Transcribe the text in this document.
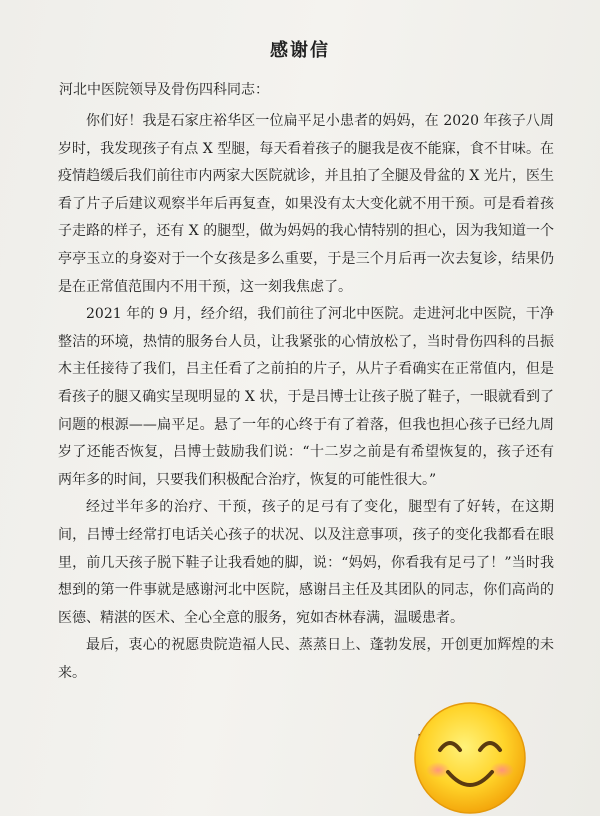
感谢信
河北中医院领导及骨伤四科同志：

你们好！我是石家庄裕华区一位扁平足小患者的妈妈，在 2020 年孩子八周岁时，我发现孩子有点 X 型腿，每天看着孩子的腿我是夜不能寐，食不甘味。在疫情趋缓后我们前往市内两家大医院就诊，并且拍了全腿及骨盆的 X 光片，医生看了片子后建议观察半年后再复查，如果没有太大变化就不用干预。可是看着孩子走路的样子，还有 X 的腿型，做为妈妈的我心情特别的担心，因为我知道一个亭亭玉立的身姿对于一个女孩是多么重要，于是三个月后再一次去复诊，结果仍是在正常值范围内不用干预，这一刻我焦虑了。

2021 年的 9 月，经介绍，我们前往了河北中医院。走进河北中医院，干净整洁的环境，热情的服务台人员，让我紧张的心情放松了，当时骨伤四科的吕振木主任接待了我们，吕主任看了之前拍的片子，从片子看确实在正常值内，但是看孩子的腿又确实呈现明显的 X 状，于是吕博士让孩子脱了鞋子，一眼就看到了问题的根源——扁平足。悬了一年的心终于有了着落，但我也担心孩子已经九周岁了还能否恢复，吕博士鼓励我们说：“十二岁之前是有希望恢复的，孩子还有两年多的时间，只要我们积极配合治疗，恢复的可能性很大。”

经过半年多的治疗、干预，孩子的足弓有了变化，腿型有了好转，在这期间，吕博士经常打电话关心孩子的状况、以及注意事项，孩子的变化我都看在眼里，前几天孩子脱下鞋子让我看她的脚，说：“妈妈，你看我有足弓了！”当时我想到的第一件事就是感谢河北中医院，感谢吕主任及其团队的同志，你们高尚的医德、精湛的医术、全心全意的服务，宛如杏林春满，温暖患者。

最后，衷心的祝愿贵院造福人民、蒸蒸日上、蓬勃发展，开创更加辉煌的未来。
